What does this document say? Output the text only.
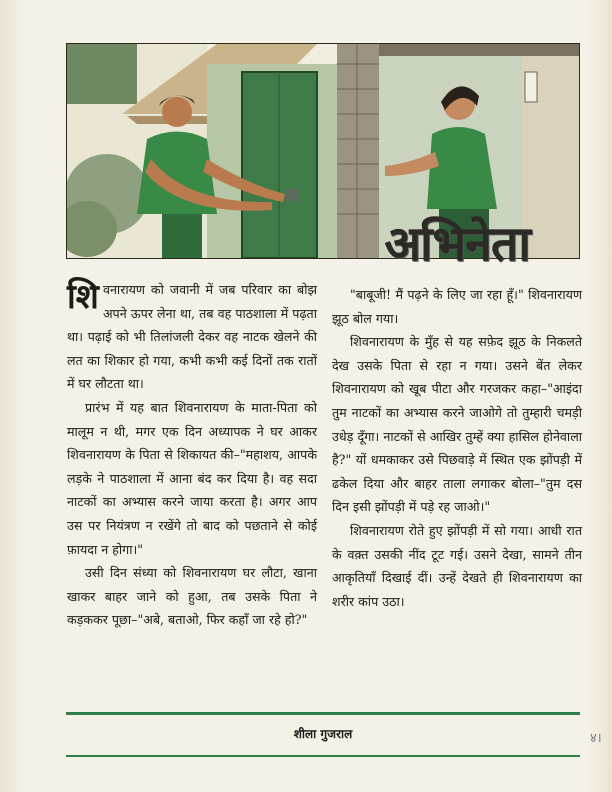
अभिनेता

शिवनारायण को जवानी में जब परिवार का बोझ अपने ऊपर लेना था, तब वह पाठशाला में पढ़ता था। पढ़ाई को भी तिलांजली देकर वह नाटक खेलने की लत का शिकार हो गया, कभी कभी कई दिनों तक रातों में घर लौटता था।

प्रारंभ में यह बात शिवनारायण के माता-पिता को मालूम न थी, मगर एक दिन अध्यापक ने घर आकर शिवनारायण के पिता से शिकायत की–"महाशय, आपके लड़के ने पाठशाला में आना बंद कर दिया है। वह सदा नाटकों का अभ्यास करने जाया करता है। अगर आप उस पर नियंत्रण न रखेंगे तो बाद को पछताने से कोई फ़ायदा न होगा।"

उसी दिन संध्या को शिवनारायण घर लौटा, खाना खाकर बाहर जाने को हुआ, तब उसके पिता ने कड़ककर पूछा–"अबे, बताओ, फिर कहाँ जा रहे हो?"

"बाबूजी! मैं पढ़ने के लिए जा रहा हूँ।" शिवनारायण झूठ बोल गया।

शिवनारायण के मुँह से यह सफ़ेद झूठ के निकलते देख उसके पिता से रहा न गया। उसने बेंत लेकर शिवनारायण को खूब पीटा और गरजकर कहा–"आइंदा तुम नाटकों का अभ्यास करने जाओगे तो तुम्हारी चमड़ी उधेड़ दूँगा। नाटकों से आखिर तुम्हें क्या हासिल होनेवाला है?" यों धमकाकर उसे पिछवाड़े में स्थित एक झोंपड़ी में ढकेल दिया और बाहर ताला लगाकर बोला–"तुम दस दिन इसी झोंपड़ी में पड़े रह जाओ।"

शिवनारायण रोते हुए झोंपड़ी में सो गया। आधी रात के वक़्त उसकी नींद टूट गई। उसने देखा, सामने तीन आकृतियाँ दिखाई दीं। उन्हें देखते ही शिवनारायण का शरीर कांप उठा।

शीला गुजराल	४।
